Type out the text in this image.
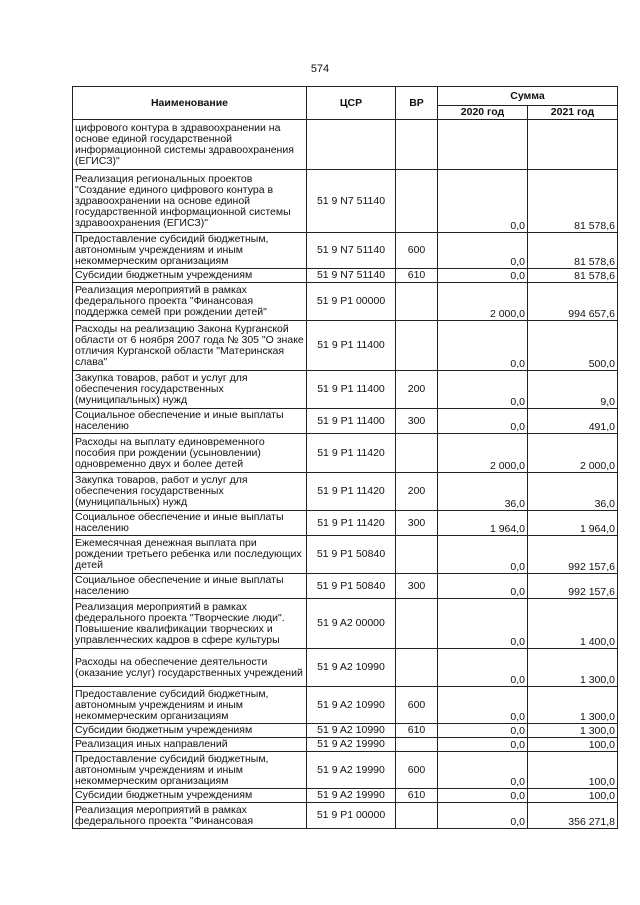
574
Наименование	ЦСР	ВР	Сумма	
			2020 год	2021 год
цифрового контура в здравоохранении на основе единой государственной информационной системы здравоохранения (ЕГИСЗ)"				
Реализация региональных проектов "Создание единого цифрового контура в здравоохранении на основе единой государственной информационной системы здравоохранения (ЕГИСЗ)"	51 9 N7 51140		0,0	81 578,6
Предоставление субсидий бюджетным, автономным учреждениям и иным некоммерческим организациям	51 9 N7 51140	600	0,0	81 578,6
Субсидии бюджетным учреждениям	51 9 N7 51140	610	0,0	81 578,6
Реализация мероприятий в рамках федерального проекта "Финансовая поддержка семей при рождении детей"	51 9 P1 00000		2 000,0	994 657,6
Расходы на реализацию Закона Курганской области от 6 ноября 2007 года № 305 "О знаке отличия Курганской области "Материнская слава"	51 9 P1 11400		0,0	500,0
Закупка товаров, работ и услуг для обеспечения государственных (муниципальных) нужд	51 9 P1 11400	200	0,0	9,0
Социальное обеспечение и иные выплаты населению	51 9 P1 11400	300	0,0	491,0
Расходы на выплату единовременного пособия при рождении (усыновлении) одновременно двух и более детей	51 9 P1 11420		2 000,0	2 000,0
Закупка товаров, работ и услуг для обеспечения государственных (муниципальных) нужд	51 9 P1 11420	200	36,0	36,0
Социальное обеспечение и иные выплаты населению	51 9 P1 11420	300	1 964,0	1 964,0
Ежемесячная денежная выплата при рождении третьего ребенка или последующих детей	51 9 P1 50840		0,0	992 157,6
Социальное обеспечение и иные выплаты населению	51 9 P1 50840	300	0,0	992 157,6
Реализация мероприятий в рамках федерального проекта "Творческие люди". Повышение квалификации творческих и управленческих кадров в сфере культуры	51 9 A2 00000		0,0	1 400,0
Расходы на обеспечение деятельности (оказание услуг) государственных учреждений	51 9 A2 10990		0,0	1 300,0
Предоставление субсидий бюджетным, автономным учреждениям и иным некоммерческим организациям	51 9 A2 10990	600	0,0	1 300,0
Субсидии бюджетным учреждениям	51 9 A2 10990	610	0,0	1 300,0
Реализация иных направлений	51 9 A2 19990		0,0	100,0
Предоставление субсидий бюджетным, автономным учреждениям и иным некоммерческим организациям	51 9 A2 19990	600	0,0	100,0
Субсидии бюджетным учреждениям	51 9 A2 19990	610	0,0	100,0
Реализация мероприятий в рамках федерального проекта "Финансовая	51 9 P1 00000		0,0	356 271,8
